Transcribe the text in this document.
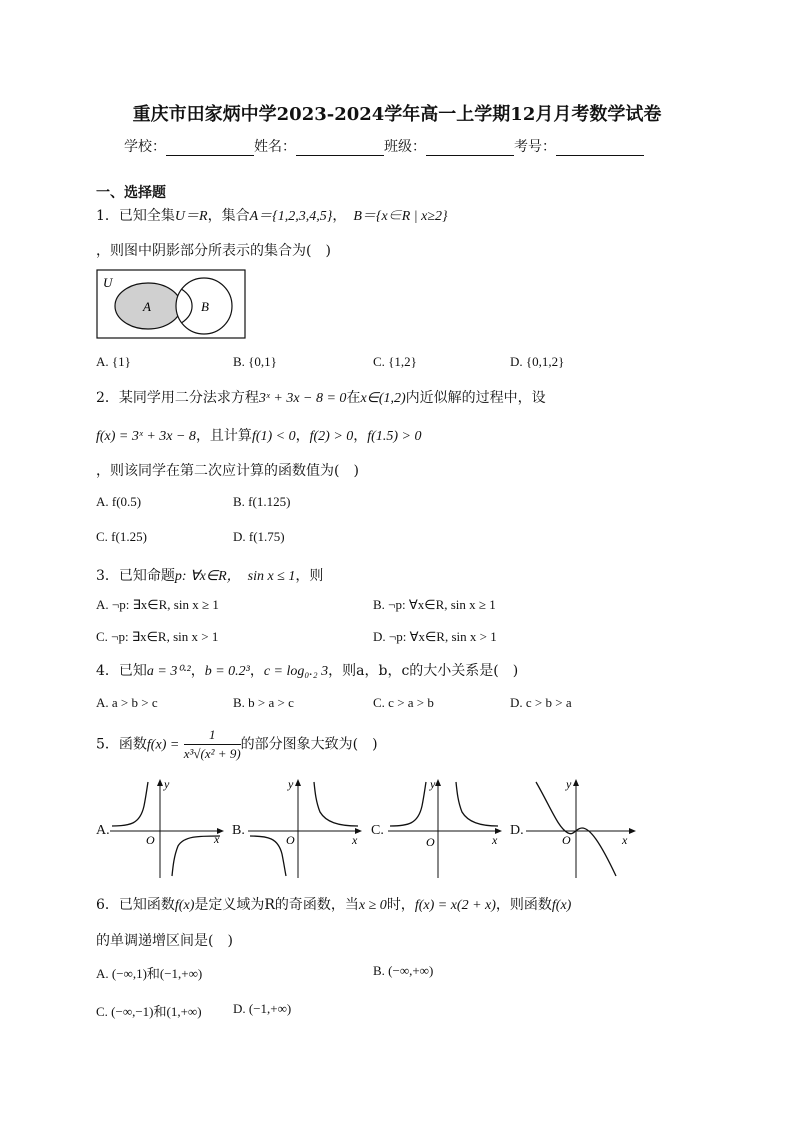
重庆市田家炳中学2023-2024学年高一上学期12月月考数学试卷
学校：	姓名：	班级：	考号：
一、选择题
1．已知全集U＝R，集合A＝{1,2,3,4,5}，　 B＝{x∈R | x≥2}
，则图中阴影部分所表示的集合为(　)
U
A	B
A. {1}	B. {0,1}	C. {1,2}	D. {0,1,2}
2．某同学用二分法求方程3ˣ + 3x − 8 = 0在x∈(1,2)内近似解的过程中，设
f(x) = 3ˣ + 3x − 8，且计算f(1) < 0，f(2) > 0，f(1.5) > 0
，则该同学在第二次应计算的函数值为(　)
A. f(0.5)	B. f(1.125)
C. f(1.25)	D. f(1.75)
3．已知命题p: ∀x∈R，　 sin x ≤ 1，则
A. ¬p: ∃x∈R, sin x ≥ 1	B. ¬p: ∀x∈R, sin x ≥ 1
C. ¬p: ∃x∈R, sin x > 1	D. ¬p: ∀x∈R, sin x > 1
4．已知a = 3⁰·²，b = 0.2³，c = log₀.₂ 3，则a，b，c的大小关系是(　)
A. a > b > c	B. b > a > c	C. c > a > b	D. c > b > a
5．函数$f(x) = \frac{1}{\text{x³√(x² + 9)}}$ 的部分图象大致为(　)
A.
y
x
O
B.
y
x
O
C.
y
x
O
D.
y
x
O
6．已知函数f(x)是定义域为R的奇函数，当x ≥ 0时，f(x) = x(2 + x)，则函数f(x)
的单调递增区间是(　)
A. (−∞,1)和(−1,+∞)	B. (−∞,+∞)
C. (−∞,−1)和(1,+∞) D. (−1,+∞)
